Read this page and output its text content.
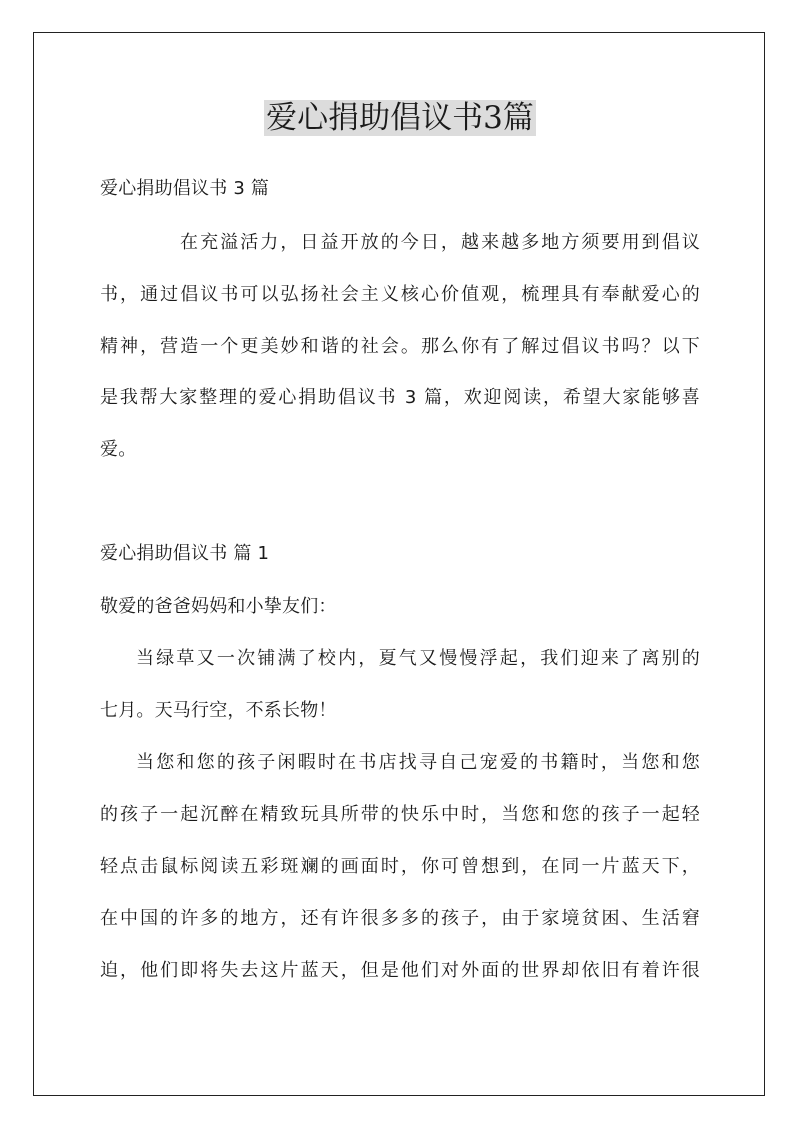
爱心捐助倡议书3篇
爱心捐助倡议书 3 篇
在充溢活力，日益开放的今日，越来越多地方须要用到倡议
书，通过倡议书可以弘扬社会主义核心价值观，梳理具有奉献爱心的
精神，营造一个更美妙和谐的社会。那么你有了解过倡议书吗？以下
是我帮大家整理的爱心捐助倡议书 3 篇，欢迎阅读，希望大家能够喜
爱。
爱心捐助倡议书 篇 1
敬爱的爸爸妈妈和小挚友们：
当绿草又一次铺满了校内，夏气又慢慢浮起，我们迎来了离别的
七月。天马行空，不系长物！
当您和您的孩子闲暇时在书店找寻自己宠爱的书籍时，当您和您
的孩子一起沉醉在精致玩具所带的快乐中时，当您和您的孩子一起轻
轻点击鼠标阅读五彩斑斓的画面时，你可曾想到，在同一片蓝天下，
在中国的许多的地方，还有许很多多的孩子，由于家境贫困、生活窘
迫，他们即将失去这片蓝天，但是他们对外面的世界却依旧有着许很
